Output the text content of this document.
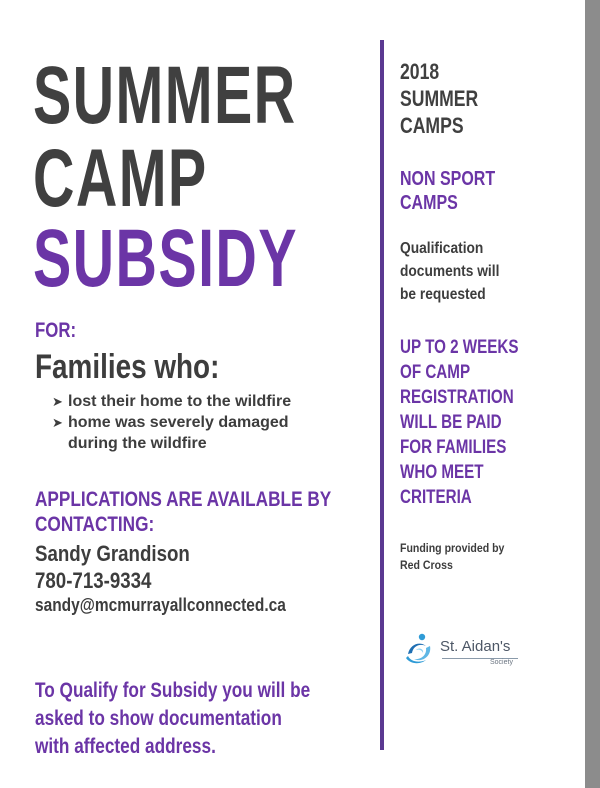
SUMMER
CAMP
SUBSIDY
FOR:
Families who:
➤ lost their home to the wildfire
➤ home was severely damaged
during the wildfire
APPLICATIONS ARE AVAILABLE BY
CONTACTING:
Sandy Grandison
780-713-9334
sandy@mcmurrayallconnected.ca
To Qualify for Subsidy you will be
asked to show documentation
with affected address.
2018
SUMMER
CAMPS
NON SPORT
CAMPS
Qualification
documents will
be requested
UP TO 2 WEEKS
OF CAMP
REGISTRATION
WILL BE PAID
FOR FAMILIES
WHO MEET
CRITERIA
Funding provided by
Red Cross
St. Aidan's
Society
